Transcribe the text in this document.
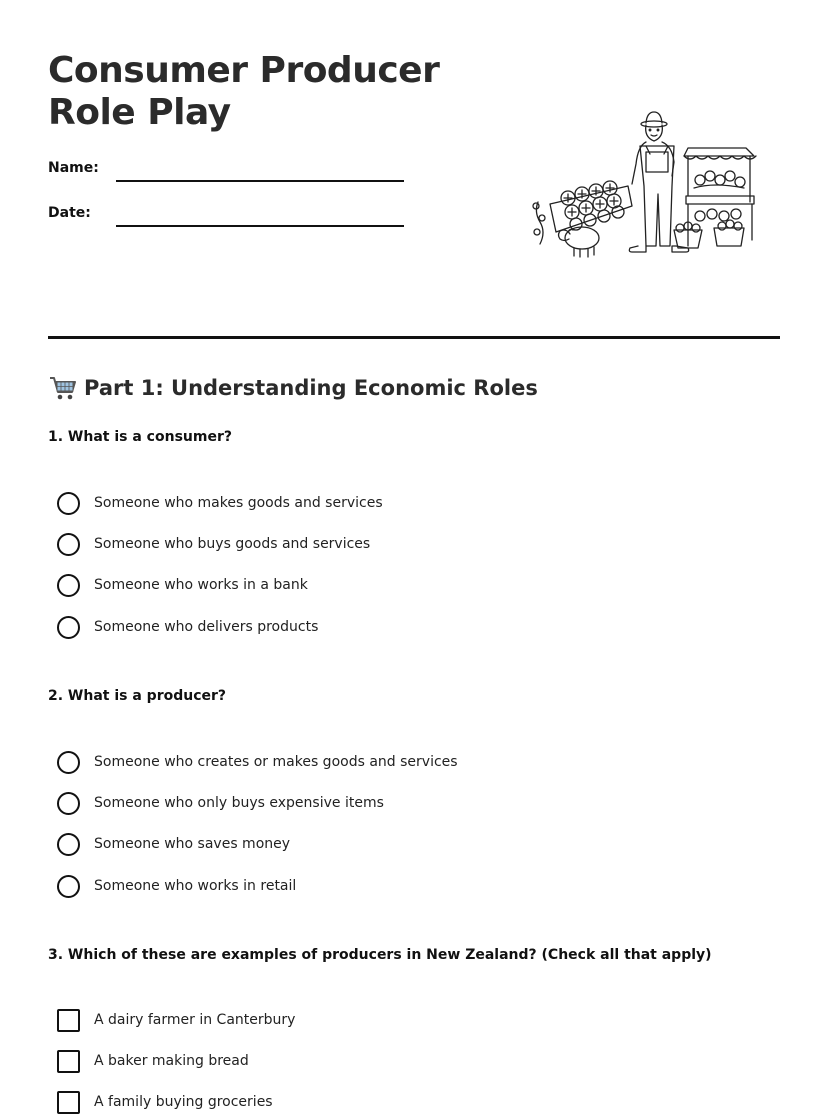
Consumer Producer
Role Play
Name:
Date:
Part 1: Understanding Economic Roles

1. What is a consumer?

Someone who makes goods and services
Someone who buys goods and services
Someone who works in a bank
Someone who delivers products

2. What is a producer?

Someone who creates or makes goods and services
Someone who only buys expensive items
Someone who saves money
Someone who works in retail

3. Which of these are examples of producers in New Zealand? (Check all that apply)

A dairy farmer in Canterbury
A baker making bread
A family buying groceries
